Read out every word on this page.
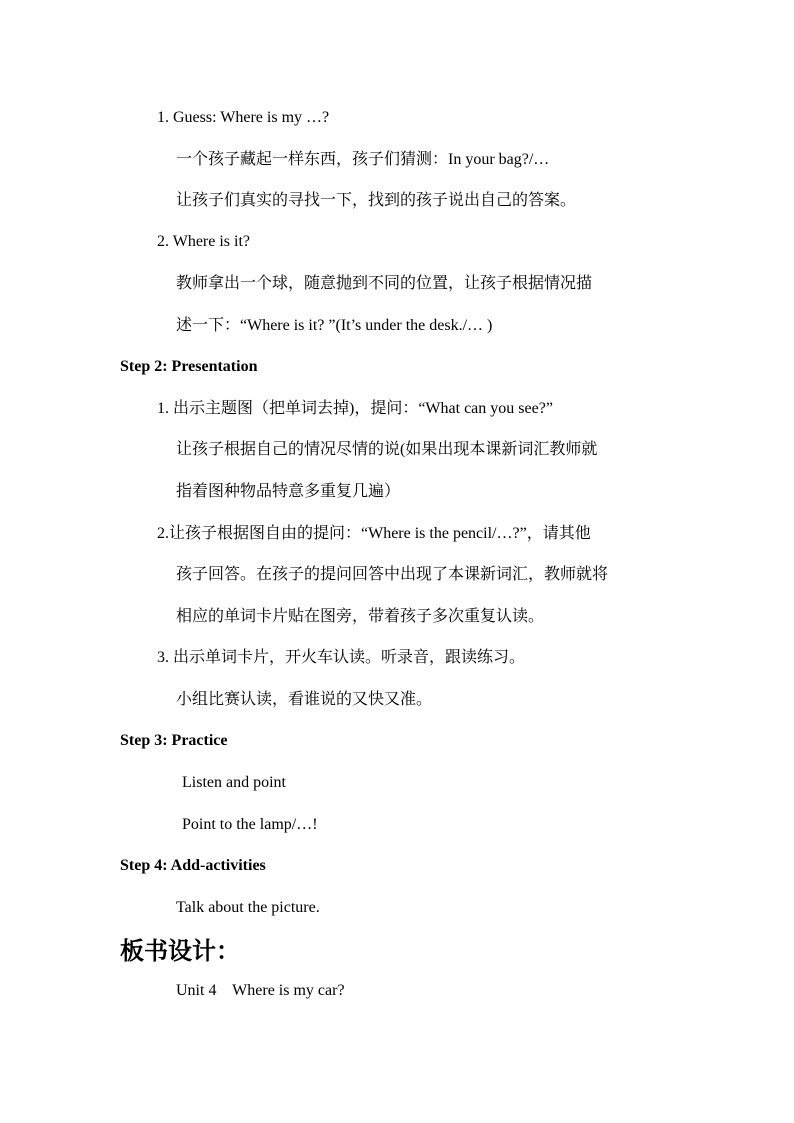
1. Guess: Where is my …?
一个孩子藏起一样东西，孩子们猜测：In your bag?/…
让孩子们真实的寻找一下，找到的孩子说出自己的答案。
2. Where is it?
教师拿出一个球，随意抛到不同的位置，让孩子根据情况描
述一下：“Where is it? ”(It’s under the desk./… )
Step 2: Presentation
1. 出示主题图（把单词去掉)，提问：“What can you see?”
让孩子根据自己的情况尽情的说(如果出现本课新词汇教师就
指着图种物品特意多重复几遍）
2.让孩子根据图自由的提问：“Where is the pencil/…?”，请其他
孩子回答。在孩子的提问回答中出现了本课新词汇，教师就将
相应的单词卡片贴在图旁，带着孩子多次重复认读。
3. 出示单词卡片，开火车认读。听录音，跟读练习。
小组比赛认读，看谁说的又快又准。
Step 3: Practice
Listen and point
Point to the lamp/…!
Step 4: Add-activities
Talk about the picture.
板书设计：
Unit 4    Where is my car?
